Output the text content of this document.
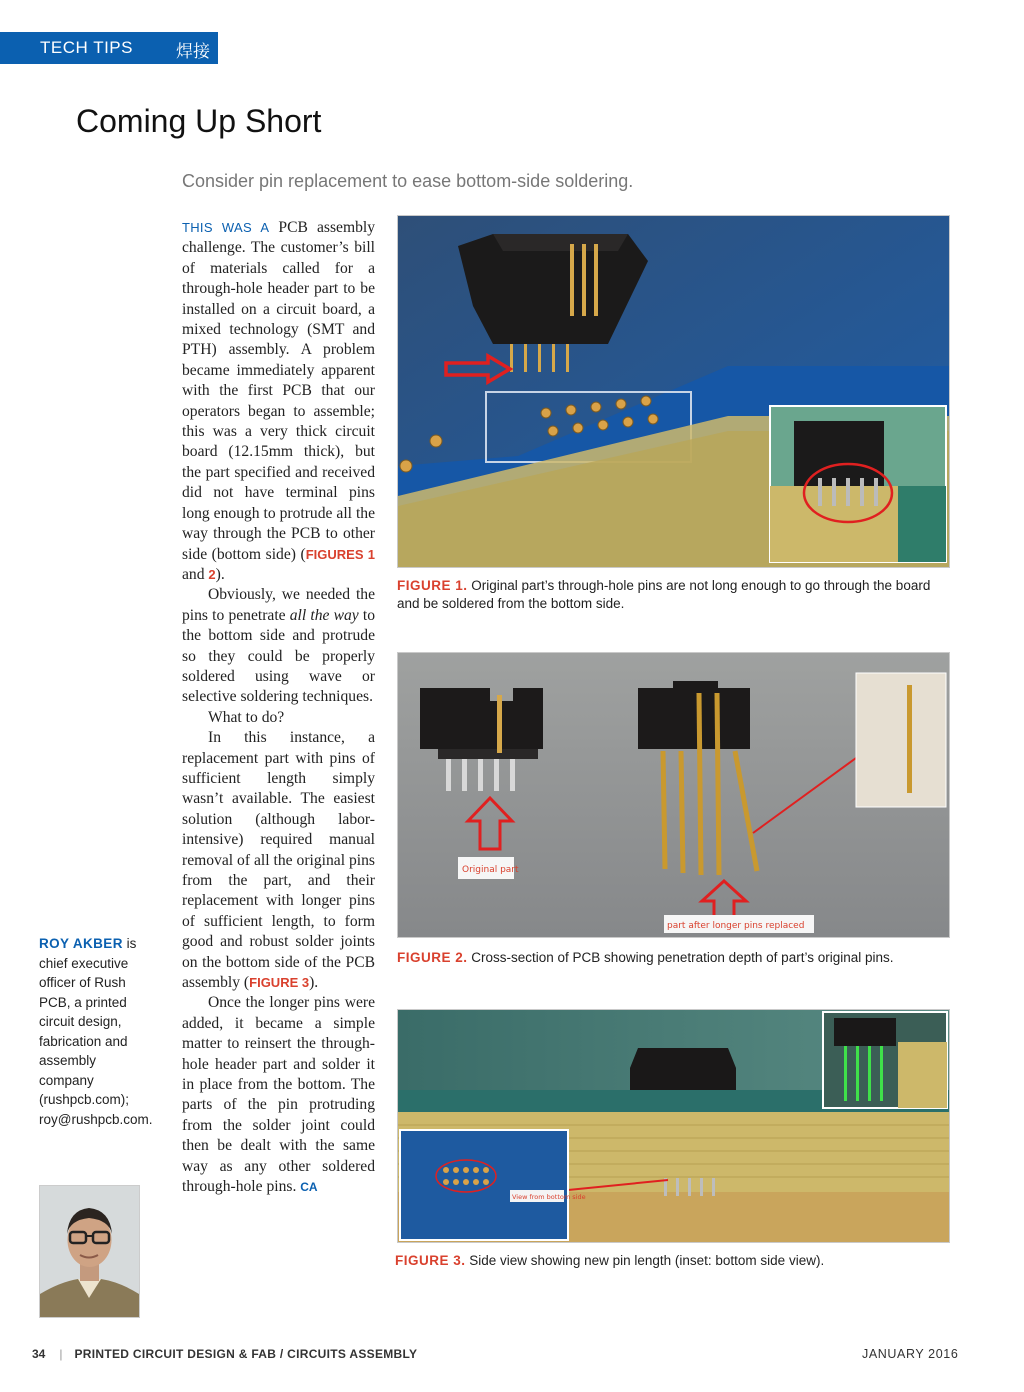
TECH TIPS	焊接
Coming Up Short
Consider pin replacement to ease bottom-side soldering.

THIS WAS A PCB assembly challenge. The customer’s bill of materials called for a through-hole header part to be installed on a circuit board, a mixed technology (SMT and PTH) assembly. A problem became immediately apparent with the first PCB that our operators began to assemble; this was a very thick circuit board (12.15mm thick), but the part specified and received did not have terminal pins long enough to protrude all the way through the PCB to other side (bottom side) (FIGURES 1 and 2).

Obviously, we needed the pins to penetrate all the way to the bottom side and protrude so they could be properly soldered using wave or selective soldering techniques.

What to do?

In this instance, a replacement part with pins of sufficient length simply wasn’t available. The easiest solution (although labor-intensive) required manual removal of all the original pins from the part, and their replacement with longer pins of sufficient length, to form good and robust solder joints on the bottom side of the PCB assembly (FIGURE 3).

Once the longer pins were added, it became a simple matter to reinsert the through-hole header part and solder it in place from the bottom. The parts of the pin protruding from the solder joint could then be dealt with the same way as any other soldered through-hole pins. CA

ROY AKBER is chief executive officer of Rush PCB, a printed circuit design, fabrication and assembly company (rushpcb.com); roy@rushpcb.com.
FIGURE 1. Original part’s through-hole pins are not long enough to go through the board and be soldered from the bottom side.
Original part
part after longer pins replaced
FIGURE 2. Cross-section of PCB showing penetration depth of part’s original pins.
View from bottom side
FIGURE 3. Side view showing new pin length (inset: bottom side view).
34 | PRINTED CIRCUIT DESIGN & FAB / CIRCUITS ASSEMBLY	JANUARY 2016
